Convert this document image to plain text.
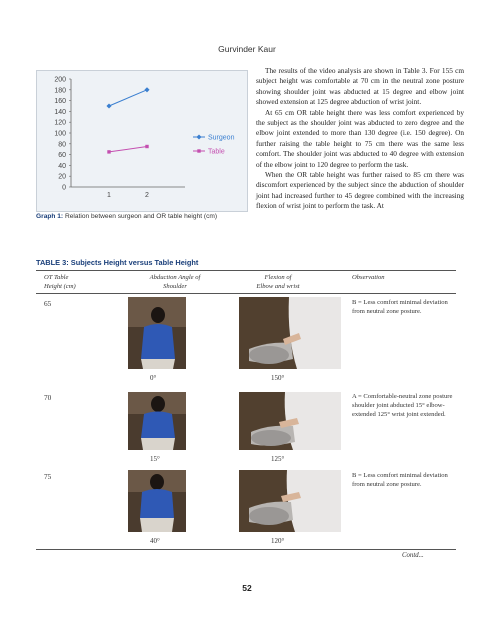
Gurvinder Kaur
0
20
40
60
80
100
120
140
160
180
200
1	2
Surgeon
Table
Graph 1: Relation between surgeon and OR table height (cm)

The results of the video analysis are shown in Table 3. For 155 cm subject height was comfortable at 70 cm in the neutral zone posture showing shoulder joint was abducted at 15 degree and elbow joint showed extension at 125 degree abduction of wrist joint.

At 65 cm OR table height there was less comfort experienced by the subject as the shoulder joint was abducted to zero degree and the elbow joint extended to more than 130 degree (i.e. 150 degree). On further raising the table height to 75 cm there was the same less comfort. The shoulder joint was abducted to 40 degree with extension of the elbow joint to 120 degree to perform the task.

When the OR table height was further raised to 85 cm there was discomfort experienced by the subject since the abduction of shoulder joint had increased further to 45 degree combined with the increasing flexion of wrist joint to perform the task. At

TABLE 3: Subjects Height versus Table Height
OT Table
Height (cm)
Abduction Angle of
Shoulder
Flexion of
Elbow and wrist
Observation
65
0°	150°
B = Less comfort minimal deviation from neutral zone posture.
70
15°	125°
A = Comfortable-neutral zone posture shoulder joint abducted 15° elbow-extended 125° wrist joint extended.
75
40°	120°
B = Less comfort minimal deviation from neutral zone posture.
Contd...
52
